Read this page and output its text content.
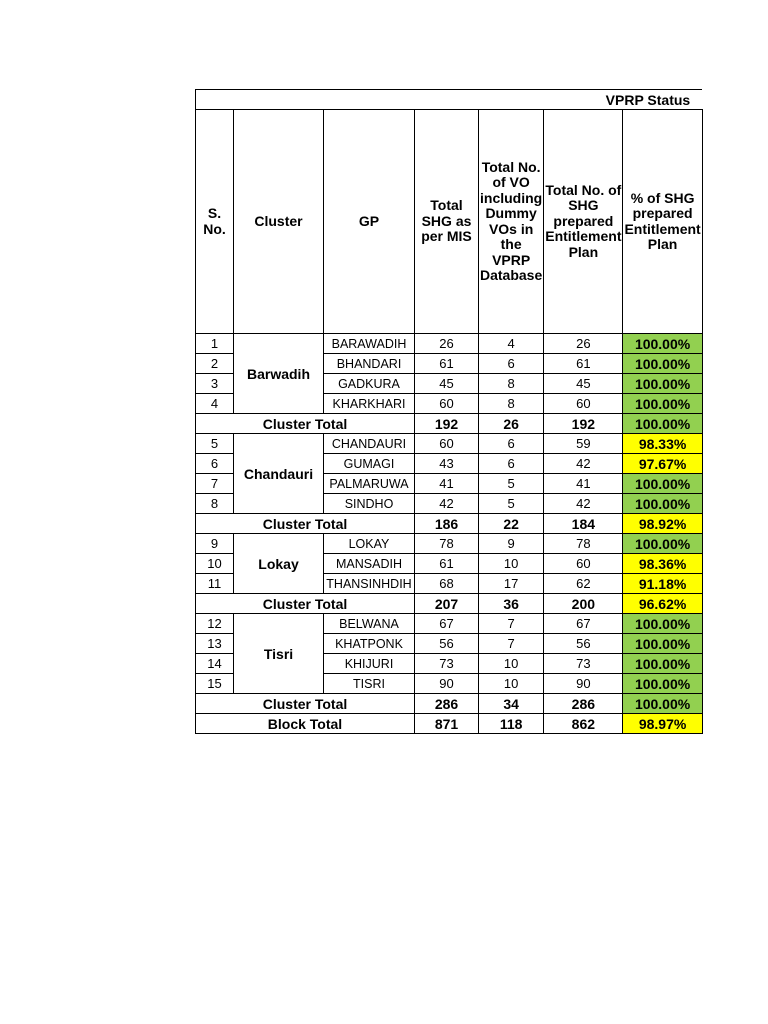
VPRP Status						
S. No.	Cluster	GP	Total SHG as per MIS	Total No. of VO including Dummy VOs in the VPRP Database	Total No. of SHG prepared Entitlement Plan	% of SHG prepared Entitlement Plan
1	Barwadih	BARAWADIH	26	4	26	100.00%
2		BHANDARI	61	6	61	100.00%
3		GADKURA	45	8	45	100.00%
4		KHARKHARI	60	8	60	100.00%
Cluster Total			192	26	192	100.00%
5	Chandauri	CHANDAURI	60	6	59	98.33%
6		GUMAGI	43	6	42	97.67%
7		PALMARUWA	41	5	41	100.00%
8		SINDHO	42	5	42	100.00%
Cluster Total			186	22	184	98.92%
9	Lokay	LOKAY	78	9	78	100.00%
10		MANSADIH	61	10	60	98.36%
11		THANSINHDIH	68	17	62	91.18%
Cluster Total			207	36	200	96.62%
12	Tisri	BELWANA	67	7	67	100.00%
13		KHATPONK	56	7	56	100.00%
14		KHIJURI	73	10	73	100.00%
15		TISRI	90	10	90	100.00%
Cluster Total			286	34	286	100.00%
Block Total			871	118	862	98.97%
